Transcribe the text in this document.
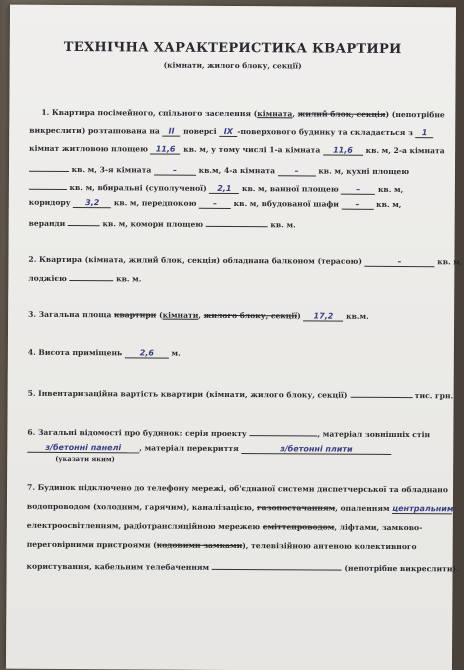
ТЕХНІЧНА ХАРАКТЕРИСТИКА КВАРТИРИ
(кімнати, жилого блоку, секції)
1. Квартира посімейного, спільного заселення (кімната, жилий блок, секція) (непотрібне
викреслити) розташована на ІІ поверсі ІХ -поверхового будинку та складається з 1
кімнат житловою площею 11,6 кв. м, у тому числі 1-а кімната 11,6 кв. м, 2-а кімната
кв. м, 3-я кімната	–	кв.м, 4-а кімната –	кв. м, кухні площею
кв. м, вбиральні (суполученої) 2,1 кв. м, ванної площею – кв. м,
коридору 3,2 кв. м, передпокою – кв. м, вбудованої шафи – кв. м,
веранди	кв. м, комори площею	кв. м.
2. Квартира (кімната, жилий блок, секція) обладнана балконом (терасою)	–	кв. м,
лоджією	кв. м.
3. Загальна площа квартири (кімнати, жилого блоку, секції) 17,2 кв.м.
4. Висота приміщень 2,6 м.
5. Інвентаризаційна вартість квартири (кімнати, жилого блоку, секції)	тис. грн.
6. Загальні відомості про будинок: серія проекту	, матеріал зовнішніх стін
з/бетонні панелі , матеріал перекриття	з/бетонні плити
(указати яким)
7. Будинок підключено до телефону мережі, об'єднаної системи диспетчерської та обладнано
водопроводом (холодним, гарячим), каналізацією, газопостачанням, опаленням центральним
електроосвітленням, радіотрансляційною мережею еміттепроводом, ліфтами, замково-
переговірними пристроями (кодовими замками), телевізійною антеною колективного
користування, кабельним телебаченням	(непотрібне викреслити).
